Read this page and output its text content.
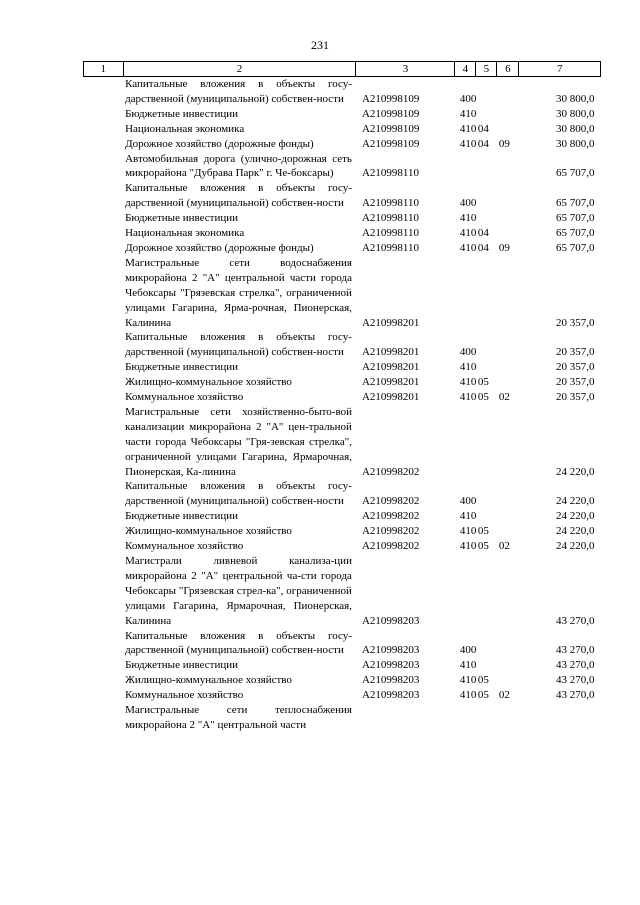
231
1	2	3	4	5	6	7
	Капитальные вложения в объекты госу-дарственной (муниципальной) собствен-ности	А210998109	400			30 800,0
	Бюджетные инвестиции	А210998109	410			30 800,0
	Национальная экономика	А210998109	410	04		30 800,0
	Дорожное хозяйство (дорожные фонды)	А210998109	410	04	09	30 800,0
	Автомобильная дорога (улично-дорожная сеть микрорайона "Дубрава Парк" г. Че-боксары)	А210998110				65 707,0
	Капитальные вложения в объекты госу-дарственной (муниципальной) собствен-ности	А210998110	400			65 707,0
	Бюджетные инвестиции	А210998110	410			65 707,0
	Национальная экономика	А210998110	410	04		65 707,0
	Дорожное хозяйство (дорожные фонды)	А210998110	410	04	09	65 707,0
	Магистральные сети водоснабжения микрорайона 2 "А" центральной части города Чебоксары "Грязевская стрелка", ограниченной улицами Гагарина, Ярма-рочная, Пионерская, Калинина	А210998201				20 357,0
	Капитальные вложения в объекты госу-дарственной (муниципальной) собствен-ности	А210998201	400			20 357,0
	Бюджетные инвестиции	А210998201	410			20 357,0
	Жилищно-коммунальное хозяйство	А210998201	410	05		20 357,0
	Коммунальное хозяйство	А210998201	410	05	02	20 357,0
	Магистральные сети хозяйственно-быто-вой канализации микрорайона 2 "А" цен-тральной части города Чебоксары "Гря-зевская стрелка", ограниченной улицами Гагарина, Ярмарочная, Пионерская, Ка-линина	А210998202				24 220,0
	Капитальные вложения в объекты госу-дарственной (муниципальной) собствен-ности	А210998202	400			24 220,0
	Бюджетные инвестиции	А210998202	410			24 220,0
	Жилищно-коммунальное хозяйство	А210998202	410	05		24 220,0
	Коммунальное хозяйство	А210998202	410	05	02	24 220,0
	Магистрали ливневой канализа-ции микрорайона 2 "А" центральной ча-сти города Чебоксары "Грязевская стрел-ка", ограниченной улицами Гагарина, Ярмарочная, Пионерская, Калинина	А210998203				43 270,0
	Капитальные вложения в объекты госу-дарственной (муниципальной) собствен-ности	А210998203	400			43 270,0
	Бюджетные инвестиции	А210998203	410			43 270,0
	Жилищно-коммунальное хозяйство	А210998203	410	05		43 270,0
	Коммунальное хозяйство	А210998203	410	05	02	43 270,0
	Магистральные сети теплоснабжения микрорайона 2 "А" центральной части					
